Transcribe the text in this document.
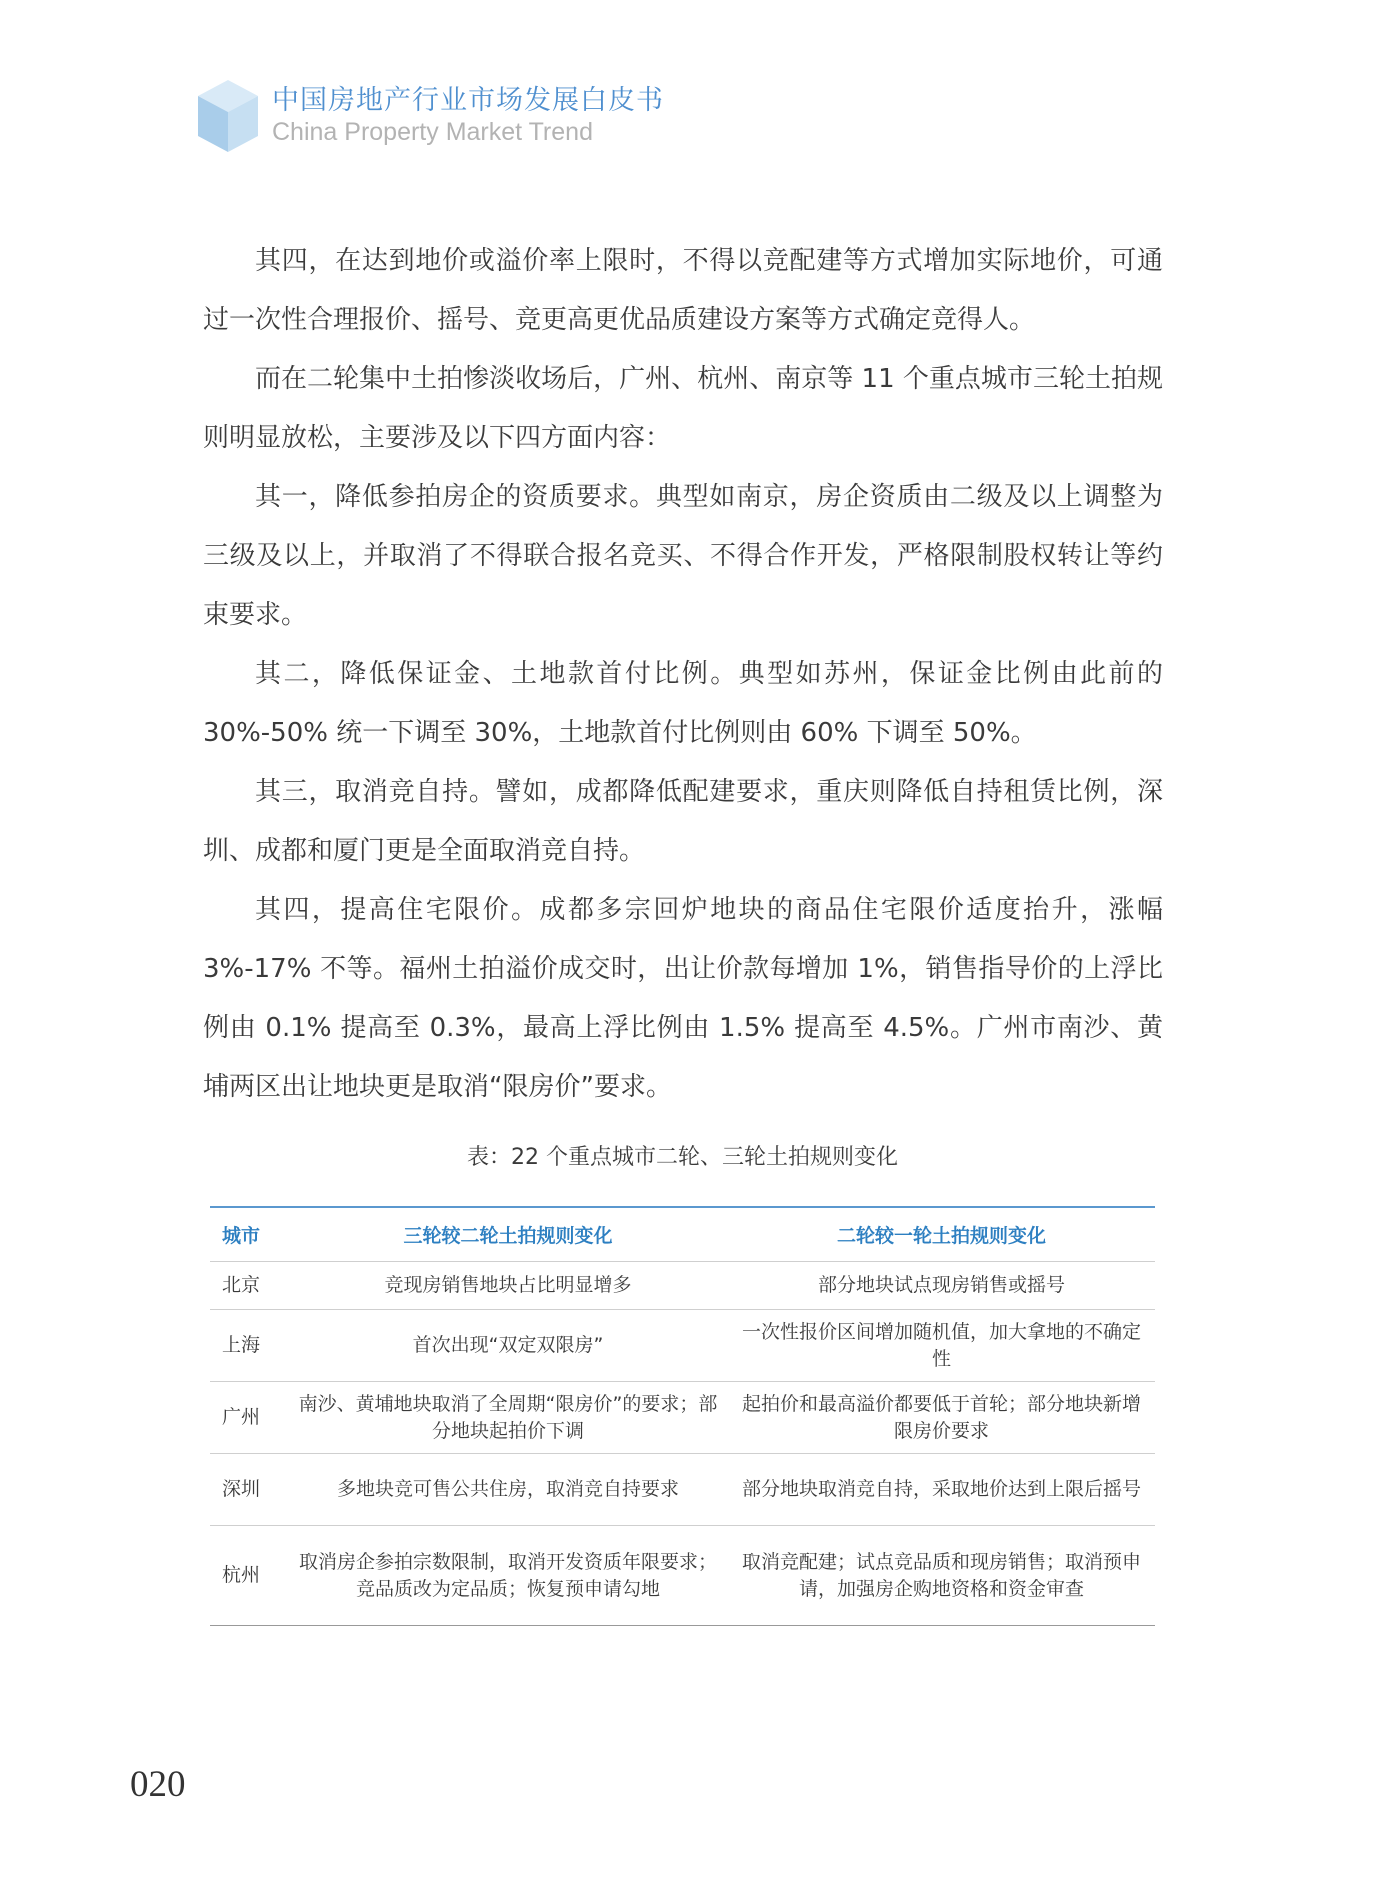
中国房地产行业市场发展白皮书
China Property Market Trend

其四，在达到地价或溢价率上限时，不得以竞配建等方式增加实际地价，可通过一次性合理报价、摇号、竞更高更优品质建设方案等方式确定竞得人。

而在二轮集中土拍惨淡收场后，广州、杭州、南京等 11 个重点城市三轮土拍规则明显放松，主要涉及以下四方面内容：

其一，降低参拍房企的资质要求。典型如南京，房企资质由二级及以上调整为三级及以上，并取消了不得联合报名竞买、不得合作开发，严格限制股权转让等约束要求。

其二，降低保证金、土地款首付比例。典型如苏州，保证金比例由此前的 30%-50% 统一下调至 30%，土地款首付比例则由 60% 下调至 50%。

其三，取消竞自持。譬如，成都降低配建要求，重庆则降低自持租赁比例，深圳、成都和厦门更是全面取消竞自持。

其四，提高住宅限价。成都多宗回炉地块的商品住宅限价适度抬升，涨幅 3%-17% 不等。福州土拍溢价成交时，出让价款每增加 1%，销售指导价的上浮比例由 0.1% 提高至 0.3%，最高上浮比例由 1.5% 提高至 4.5%。广州市南沙、黄埔两区出让地块更是取消“限房价”要求。

表：22 个重点城市二轮、三轮土拍规则变化
城市	三轮较二轮土拍规则变化	二轮较一轮土拍规则变化
北京	竞现房销售地块占比明显增多	部分地块试点现房销售或摇号
上海	首次出现“双定双限房”	一次性报价区间增加随机值，加大拿地的不确定性
广州	南沙、黄埔地块取消了全周期“限房价”的要求；部分地块起拍价下调	起拍价和最高溢价都要低于首轮；部分地块新增限房价要求
深圳	多地块竞可售公共住房，取消竞自持要求	部分地块取消竞自持，采取地价达到上限后摇号
杭州	取消房企参拍宗数限制，取消开发资质年限要求；竞品质改为定品质；恢复预申请勾地	取消竞配建；试点竞品质和现房销售；取消预申请，加强房企购地资格和资金审查
020
